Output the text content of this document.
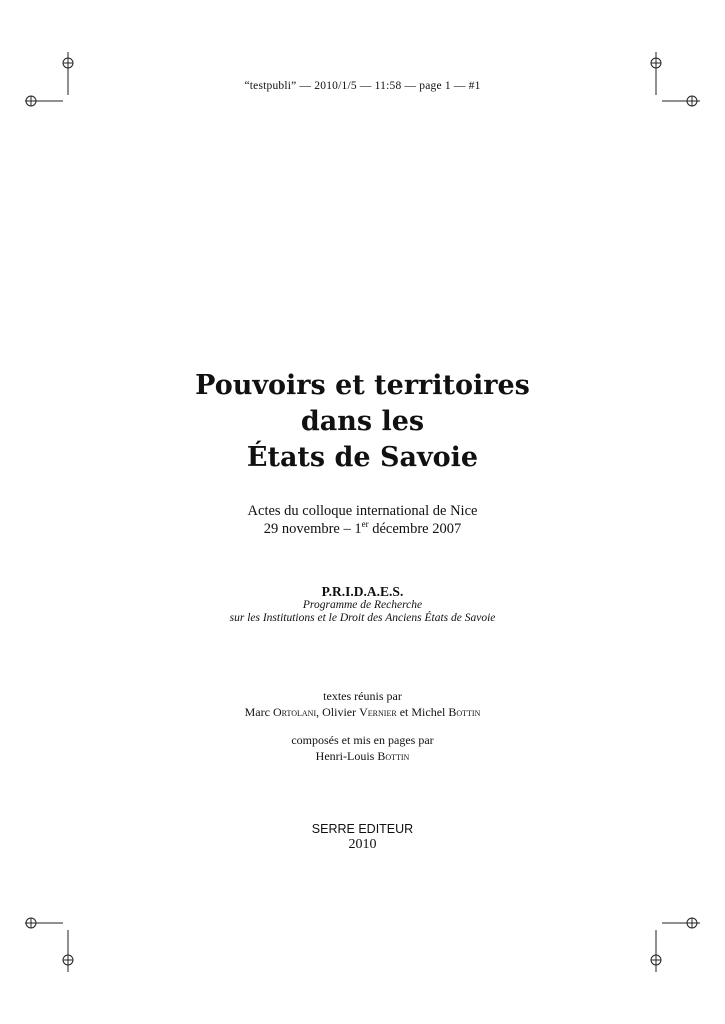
“testpubli” — 2010/1/5 — 11:58 — page 1 — #1
Pouvoirs et territoires
dans les
États de Savoie
Actes du colloque international de Nice
29 novembre – 1er décembre 2007
P.R.I.D.A.E.S.
Programme de Recherche
sur les Institutions et le Droit des Anciens États de Savoie
textes réunis par
Marc Ortolani, Olivier Vernier et Michel Bottin
composés et mis en pages par
Henri-Louis Bottin
SERRE EDITEUR
2010
